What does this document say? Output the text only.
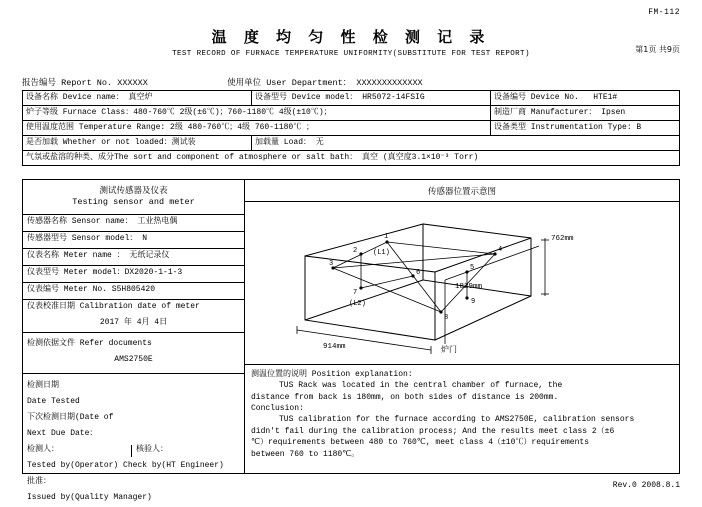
FM-112
温 度 均 匀 性 检 测 记 录
TEST RECORD OF FURNACE TEMPERATURE UNIFORMITY(SUBSTITUTE FOR TEST REPORT)	第1页 共9页
报告编号 Report No. XXXXXX	使用单位 User Department： XXXXXXXXXXXXX
设备名称 Device name： 真空炉	设备型号 Device model： HR5072-14FSIG	设备编号 Device No. HTE1#
炉子等级 Furnace Class：480-760℃ 2级(±6℃)；760-1180℃ 4级(±10℃)；		制造厂商 Manufacturer： Ipsen
使用温度范围 Temperature Range: 2级 480-760℃；4级 760-1180℃ ；		设备类型 Instrumentation Type: B
是否加载 Whether or not loaded：测试装	加载量 Load： 无	
气氛或盐溶的种类、成分The sort and component of atmosphere or salt bath： 真空 (真空度3.1×10⁻³ Torr)		
测试传感器及仪表
Testing sensor and meter
传感器名称 Sensor name： 工业热电偶
传感器型号 Sensor model： N
仪表名称 Meter name ： 无纸记录仪
仪表型号 Meter model：DX2020-1-1-3
仪表编号 Meter No. S5H805420
仪表校准日期 Calibration date of meter
2017 年 4月 4日
检测依据文件 Refer documents
AMS2750E
检测日期
Date Tested
下次检测日期(Date of
Next Due Date：
检测人：	核验人：
Tested by(Operator) Check by(HT Engineer)
批准：
Issued by(Quality Manager)
传感器位置示意图
3
1
8
4
2
5
6
7
9
762mm
1829mm
914mm
(L1)
(L2)
炉门

测温位置的说明 Position explanation:

TUS Rack was located in the central chamber of furnace, the

distance from back is 180mm, on both sides of distance is 200mm.

Conclusion:

TUS calibration for the furnace according to AMS2750E, calibration sensors

didn't fail during the calibration process; And the results meet class 2（±6

℃）requirements between 480 to 760℃, meet class 4（±10℃）requirements

between 760 to 1180℃。

Rev.0 2008.8.1
